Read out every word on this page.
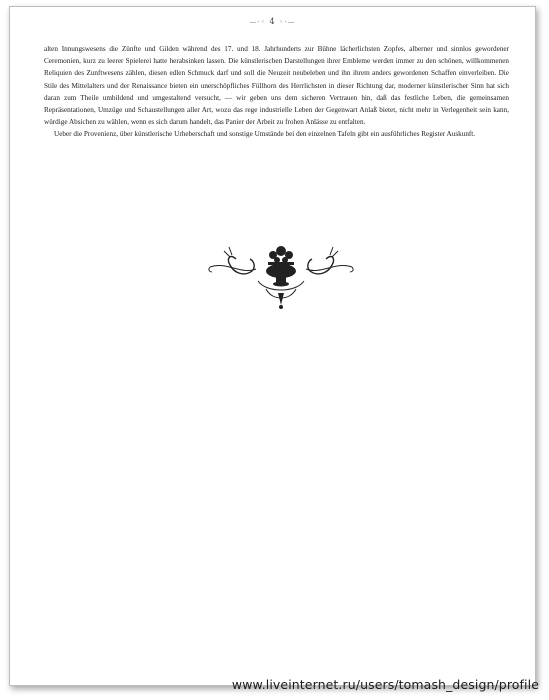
—·◦ 4 ◦·—

alten Innungswesens die Zünfte und Gilden während des 17. und 18. Jahrhunderts zur Bühne lächerlichsten Zopfes, alberner und sinnlos gewordener Ceremonien, kurz zu leerer Spielerei hatte herabsinken lassen. Die künstlerischen Darstellungen ihrer Embleme werden immer zu den schönen, willkommenen Reliquien des Zunftwesens zählen, diesen edlen Schmuck darf und soll die Neuzeit neubeleben und ihn ihrem anders gewordenen Schaffen einverleiben. Die Stile des Mittelalters und der Renaissance bieten ein unerschöpfliches Füllhorn des Herrlichsten in dieser Richtung dar, moderner künstlerischer Sinn hat sich daran zum Theile umbildend und umgestaltend versucht, — wir geben uns dem sicheren Vertrauen hin, daß das festliche Leben, die gemeinsamen Repräsentationen, Umzüge und Schaustellungen aller Art, wozu das rege industrielle Leben der Gegenwart Anlaß bietet, nicht mehr in Verlegenheit sein kann, würdige Absichen zu wählen, wenn es sich darum handelt, das Panier der Arbeit zu frohen Anlässe zu entfalten.

Ueber die Provenienz, über künstlerische Urheberschaft und sonstige Umstände bei den einzelnen Tafeln gibt ein ausführliches Register Auskunft.

www.liveinternet.ru/users/tomash_design/profile
